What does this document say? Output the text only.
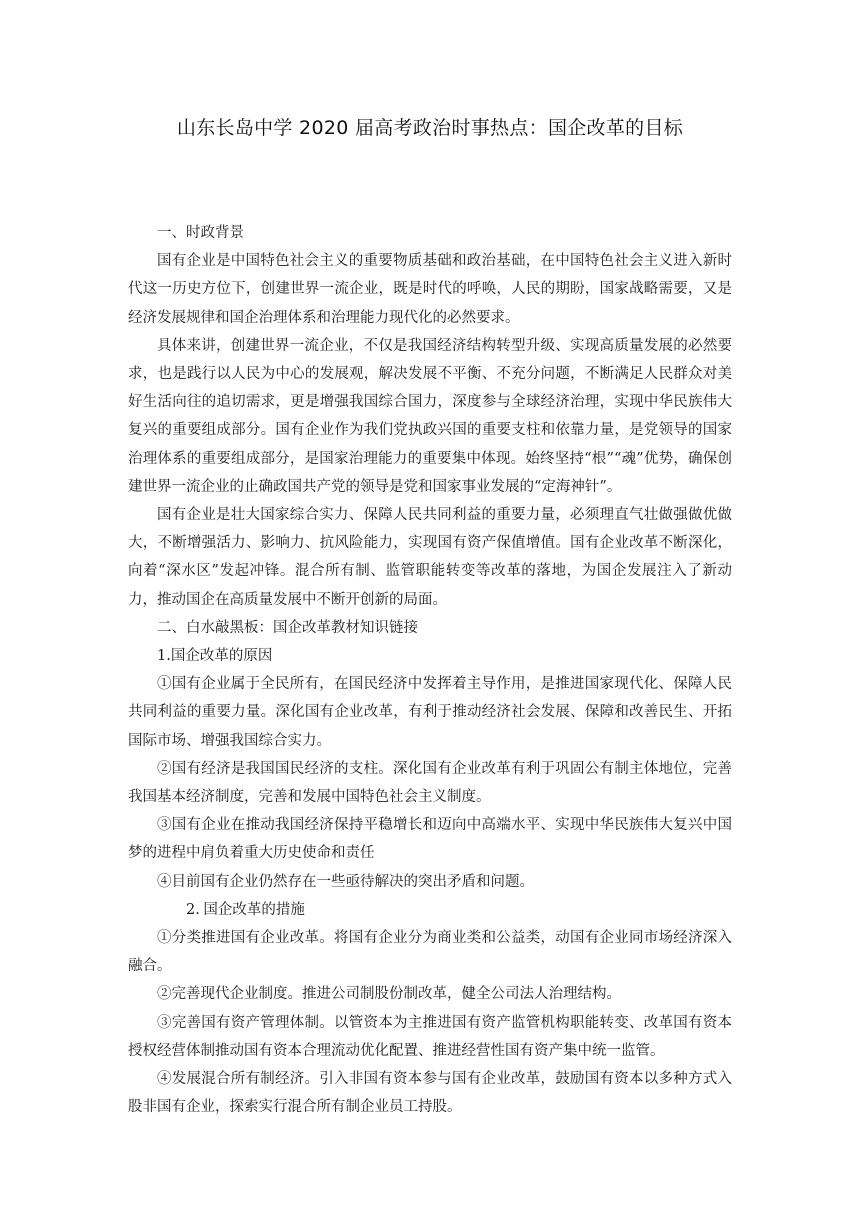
山东长岛中学 2020 届高考政治时事热点：国企改革的目标

一、时政背景

国有企业是中国特色社会主义的重要物质基础和政治基础，在中国特色社会主义进入新时代这一历史方位下，创建世界一流企业，既是时代的呼唤，人民的期盼，国家战略需要，又是经济发展规律和国企治理体系和治理能力现代化的必然要求。

具体来讲，创建世界一流企业，不仅是我国经济结构转型升级、实现高质量发展的必然要求，也是践行以人民为中心的发展观，解决发展不平衡、不充分问题，不断满足人民群众对美好生活向往的追切需求，更是增强我国综合国力，深度参与全球经济治理，实现中华民族伟大复兴的重要组成部分。国有企业作为我们党执政兴国的重要支柱和依靠力量，是党领导的国家治理体系的重要组成部分，是国家治理能力的重要集中体现。始终坚持“根”“魂”优势，确保创建世界一流企业的止确政国共产党的领导是党和国家事业发展的“定海神针”。

国有企业是壮大国家综合实力、保障人民共同利益的重要力量，必须理直气壮做强做优做大，不断增强活力、影响力、抗风险能力，实现国有资产保值增值。国有企业改革不断深化，向着“深水区”发起冲锋。混合所有制、监管职能转变等改革的落地，为国企发展注入了新动力，推动国企在高质量发展中不断开创新的局面。

二、白水敲黑板：国企改革教材知识链接

1.国企改革的原因

①国有企业属于全民所有，在国民经济中发挥着主导作用，是推进国家现代化、保障人民共同利益的重要力量。深化国有企业改革，有利于推动经济社会发展、保障和改善民生、开拓国际市场、增强我国综合实力。

②国有经济是我国国民经济的支柱。深化国有企业改革有利于巩固公有制主体地位，完善我国基本经济制度，完善和发展中国特色社会主义制度。

③国有企业在推动我国经济保持平稳增长和迈向中高端水平、实现中华民族伟大复兴中国梦的进程中肩负着重大历史使命和责任

④目前国有企业仍然存在一些亟待解决的突出矛盾和问题。

2. 国企改革的措施

①分类推进国有企业改革。将国有企业分为商业类和公益类，动国有企业同市场经济深入融合。

②完善现代企业制度。推进公司制股份制改革，健全公司法人治理结构。

③完善国有资产管理体制。以管资本为主推进国有资产监管机构职能转变、改革国有资本授权经营体制推动国有资本合理流动优化配置、推进经营性国有资产集中统一监管。

④发展混合所有制经济。引入非国有资本参与国有企业改革，鼓励国有资本以多种方式入股非国有企业，探索实行混合所有制企业员工持股。
